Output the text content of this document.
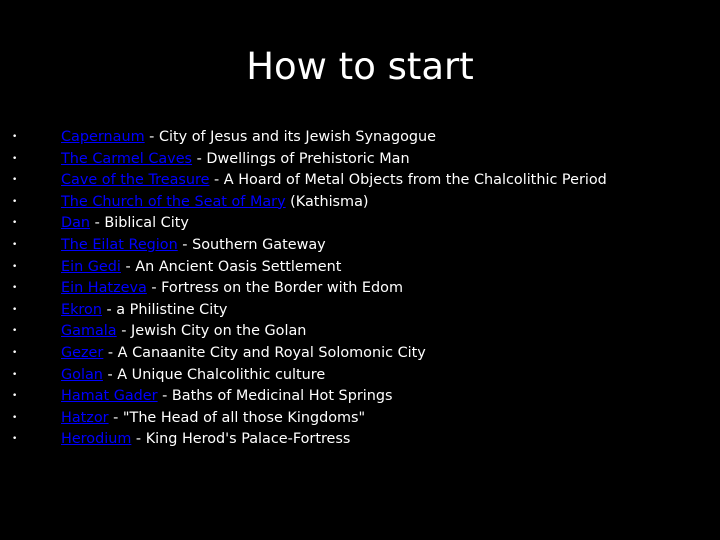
How to start
•	Capernaum - City of Jesus and its Jewish Synagogue
•	The Carmel Caves - Dwellings of Prehistoric Man
•	Cave of the Treasure - A Hoard of Metal Objects from the Chalcolithic Period
•	The Church of the Seat of Mary (Kathisma)
•	Dan - Biblical City
•	The Eilat Region - Southern Gateway
•	Ein Gedi - An Ancient Oasis Settlement
•	Ein Hatzeva - Fortress on the Border with Edom
•	Ekron - a Philistine City
•	Gamala - Jewish City on the Golan
•	Gezer - A Canaanite City and Royal Solomonic City
•	Golan - A Unique Chalcolithic culture
•	Hamat Gader - Baths of Medicinal Hot Springs
•	Hatzor - "The Head of all those Kingdoms"
•	Herodium - King Herod's Palace-Fortress
